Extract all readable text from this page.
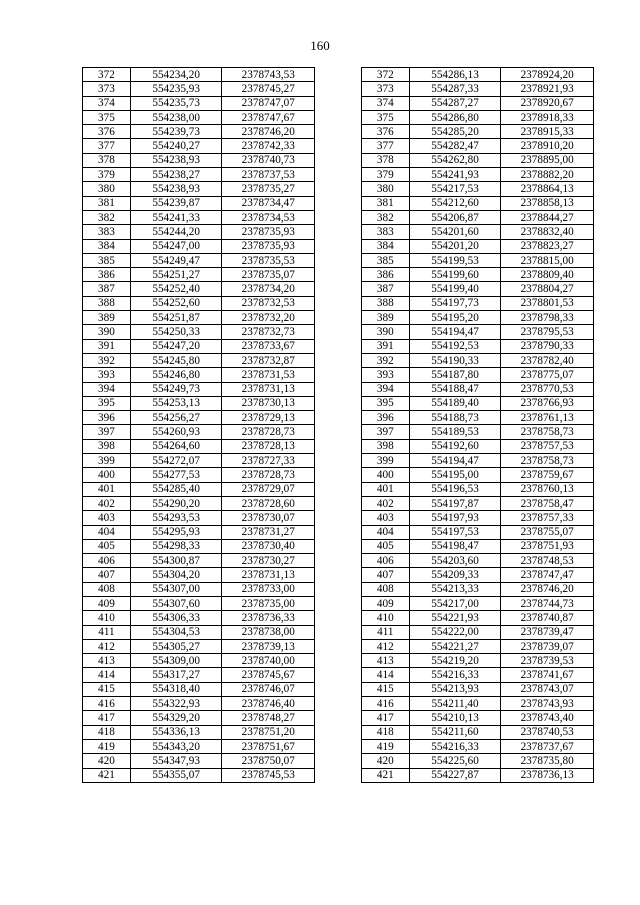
160
372	554234,20	2378743,53		372	554286,13	2378924,20
373	554235,93	2378745,27		373	554287,33	2378921,93
374	554235,73	2378747,07		374	554287,27	2378920,67
375	554238,00	2378747,67		375	554286,80	2378918,33
376	554239,73	2378746,20		376	554285,20	2378915,33
377	554240,27	2378742,33		377	554282,47	2378910,20
378	554238,93	2378740,73		378	554262,80	2378895,00
379	554238,27	2378737,53		379	554241,93	2378882,20
380	554238,93	2378735,27		380	554217,53	2378864,13
381	554239,87	2378734,47		381	554212,60	2378858,13
382	554241,33	2378734,53		382	554206,87	2378844,27
383	554244,20	2378735,93		383	554201,60	2378832,40
384	554247,00	2378735,93		384	554201,20	2378823,27
385	554249,47	2378735,53		385	554199,53	2378815,00
386	554251,27	2378735,07		386	554199,60	2378809,40
387	554252,40	2378734,20		387	554199,40	2378804,27
388	554252,60	2378732,53		388	554197,73	2378801,53
389	554251,87	2378732,20		389	554195,20	2378798,33
390	554250,33	2378732,73		390	554194,47	2378795,53
391	554247,20	2378733,67		391	554192,53	2378790,33
392	554245,80	2378732,87		392	554190,33	2378782,40
393	554246,80	2378731,53		393	554187,80	2378775,07
394	554249,73	2378731,13		394	554188,47	2378770,53
395	554253,13	2378730,13		395	554189,40	2378766,93
396	554256,27	2378729,13		396	554188,73	2378761,13
397	554260,93	2378728,73		397	554189,53	2378758,73
398	554264,60	2378728,13		398	554192,60	2378757,53
399	554272,07	2378727,33		399	554194,47	2378758,73
400	554277,53	2378728,73		400	554195,00	2378759,67
401	554285,40	2378729,07		401	554196,53	2378760,13
402	554290,20	2378728,60		402	554197,87	2378758,47
403	554293,53	2378730,07		403	554197,93	2378757,33
404	554295,93	2378731,27		404	554197,53	2378755,07
405	554298,33	2378730,40		405	554198,47	2378751,93
406	554300,87	2378730,27		406	554203,60	2378748,53
407	554304,20	2378731,13		407	554209,33	2378747,47
408	554307,00	2378733,00		408	554213,33	2378746,20
409	554307,60	2378735,00		409	554217,00	2378744,73
410	554306,33	2378736,33		410	554221,93	2378740,87
411	554304,53	2378738,00		411	554222,00	2378739,47
412	554305,27	2378739,13		412	554221,27	2378739,07
413	554309,00	2378740,00		413	554219,20	2378739,53
414	554317,27	2378745,67		414	554216,33	2378741,67
415	554318,40	2378746,07		415	554213,93	2378743,07
416	554322,93	2378746,40		416	554211,40	2378743,93
417	554329,20	2378748,27		417	554210,13	2378743,40
418	554336,13	2378751,20		418	554211,60	2378740,53
419	554343,20	2378751,67		419	554216,33	2378737,67
420	554347,93	2378750,07		420	554225,60	2378735,80
421	554355,07	2378745,53		421	554227,87	2378736,13
